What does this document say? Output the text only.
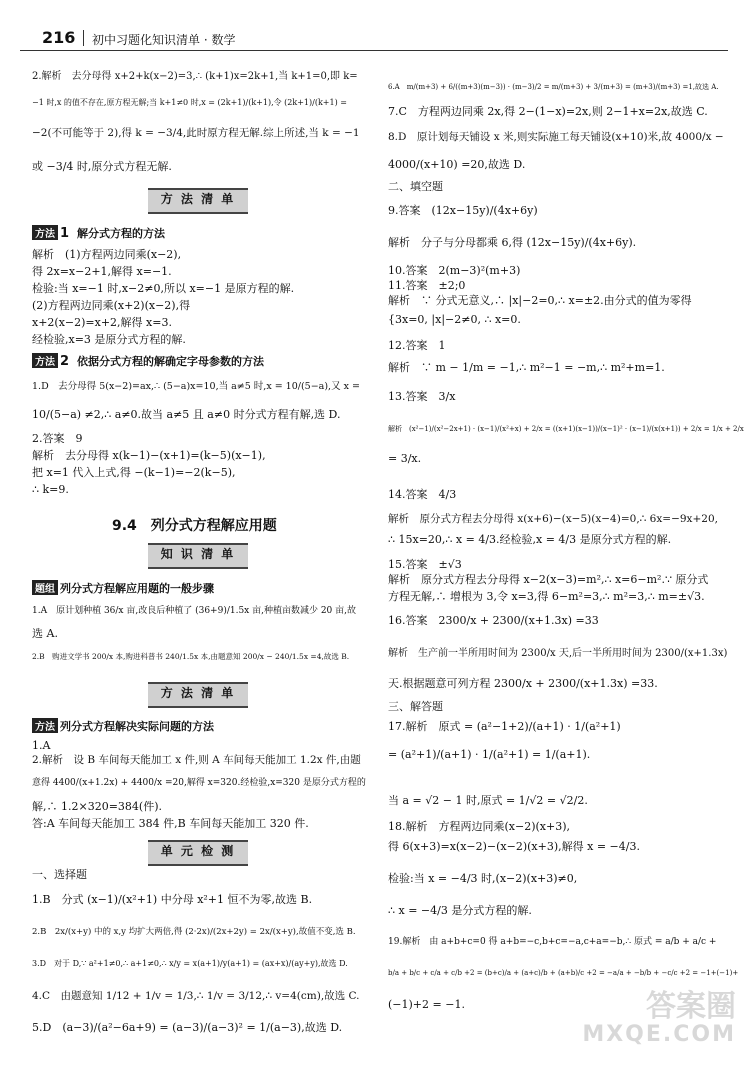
216 初中习题化知识清单 · 数学
2.解析　去分母得 x+2+k(x−2)=3,∴ (k+1)x=2k+1,当 k+1=0,即 k=
−1 时,x 的值不存在,原方程无解;当 k+1≠0 时,x = (2k+1)/(k+1),令 (2k+1)/(k+1) =
−2(不可能等于 2),得 k = −3/4,此时原方程无解.综上所述,当 k = −1
或 −3/4 时,原分式方程无解.
解析　(1)方程两边同乘(x−2),
得 2x=x−2+1,解得 x=−1.
检验:当 x=−1 时,x−2≠0,所以 x=−1 是原方程的解.
(2)方程两边同乘(x+2)(x−2),得
x+2(x−2)=x+2,解得 x=3.
经检验,x=3 是原分式方程的解.
1.D　去分母得 5(x−2)=ax,∴ (5−a)x=10,当 a≠5 时,x = 10/(5−a),又 x =
10/(5−a) ≠2,∴ a≠0.故当 a≠5 且 a≠0 时分式方程有解,选 D.
2.答案　9
解析　去分母得 x(k−1)−(x+1)=(k−5)(x−1),
把 x=1 代入上式,得 −(k−1)=−2(k−5),
∴ k=9.
1.A　原计划种植 36/x 亩,改良后种植了 (36+9)/1.5x 亩,种植亩数减少 20 亩,故
选 A.
2.B　购进文学书 200/x 本,购进科普书 240/1.5x 本,由题意知 200/x − 240/1.5x =4,故选 B.
1.A
2.解析　设 B 车间每天能加工 x 件,则 A 车间每天能加工 1.2x 件,由题
意得 4400/(x+1.2x) + 4400/x =20,解得 x=320.经检验,x=320 是原分式方程的
解,∴ 1.2×320=384(件).
答:A 车间每天能加工 384 件,B 车间每天能加工 320 件.
一、选择题
1.B　分式 (x−1)/(x²+1) 中分母 x²+1 恒不为零,故选 B.
2.B　2x/(x+y) 中的 x,y 均扩大两倍,得 (2·2x)/(2x+2y) = 2x/(x+y),故值不变,选 B.
3.D　对于 D,∵ a²+1≠0,∴ a+1≠0,∴ x/y = x(a+1)/y(a+1) = (ax+x)/(ay+y),故选 D.
4.C　由题意知 1/12 + 1/v = 1/3,∴ 1/v = 3/12,∴ v=4(cm),故选 C.
5.D　(a−3)/(a²−6a+9) = (a−3)/(a−3)² = 1/(a−3),故选 D.
6.A　m/(m+3) + 6/((m+3)(m−3)) · (m−3)/2 = m/(m+3) + 3/(m+3) = (m+3)/(m+3) =1,故选 A.
7.C　方程两边同乘 2x,得 2−(1−x)=2x,则 2−1+x=2x,故选 C.
8.D　原计划每天铺设 x 米,则实际施工每天铺设(x+10)米,故 4000/x −
4000/(x+10) =20,故选 D.
二、填空题
9.答案　(12x−15y)/(4x+6y)
解析　分子与分母都乘 6,得 (12x−15y)/(4x+6y).
10.答案　2(m−3)²(m+3)
11.答案　±2;0
解析　∵ 分式无意义,∴ |x|−2=0,∴ x=±2.由分式的值为零得
{3x=0, |x|−2≠0, ∴ x=0.
12.答案　1
解析　∵ m − 1/m = −1,∴ m²−1 = −m,∴ m²+m=1.
13.答案　3/x
解析　(x²−1)/(x²−2x+1) · (x−1)/(x²+x) + 2/x = ((x+1)(x−1))/(x−1)² · (x−1)/(x(x+1)) + 2/x = 1/x + 2/x
= 3/x.
14.答案　4/3
解析　原分式方程去分母得 x(x+6)−(x−5)(x−4)=0,∴ 6x=−9x+20,
∴ 15x=20,∴ x = 4/3.经检验,x = 4/3 是原分式方程的解.
15.答案　±√3
解析　原分式方程去分母得 x−2(x−3)=m²,∴ x=6−m².∵ 原分式
方程无解,∴ 增根为 3,令 x=3,得 6−m²=3,∴ m²=3,∴ m=±√3.
16.答案　2300/x + 2300/(x+1.3x) =33
解析　生产前一半所用时间为 2300/x 天,后一半所用时间为 2300/(x+1.3x)
天.根据题意可列方程 2300/x + 2300/(x+1.3x) =33.
三、解答题
17.解析　原式 = (a²−1+2)/(a+1) · 1/(a²+1)
= (a²+1)/(a+1) · 1/(a²+1) = 1/(a+1).
当 a = √2 − 1 时,原式 = 1/√2 = √2/2.
18.解析　方程两边同乘(x−2)(x+3),
得 6(x+3)=x(x−2)−(x−2)(x+3),解得 x = −4/3.
检验:当 x = −4/3 时,(x−2)(x+3)≠0,
∴ x = −4/3 是分式方程的解.
19.解析　由 a+b+c=0 得 a+b=−c,b+c=−a,c+a=−b,∴ 原式 = a/b + a/c +
b/a + b/c + c/a + c/b +2 = (b+c)/a + (a+c)/b + (a+b)/c +2 = −a/a + −b/b + −c/c +2 = −1+(−1)+
(−1)+2 = −1.
方 法 清 单
方法 1 解分式方程的方法
方法 2 依据分式方程的解确定字母参数的方法
9.4　列分式方程解应用题
知 识 清 单
题组 列分式方程解应用题的一般步骤
方 法 清 单
方法 列分式方程解决实际问题的方法
单 元 检 测
答案圈
MXQE.COM
